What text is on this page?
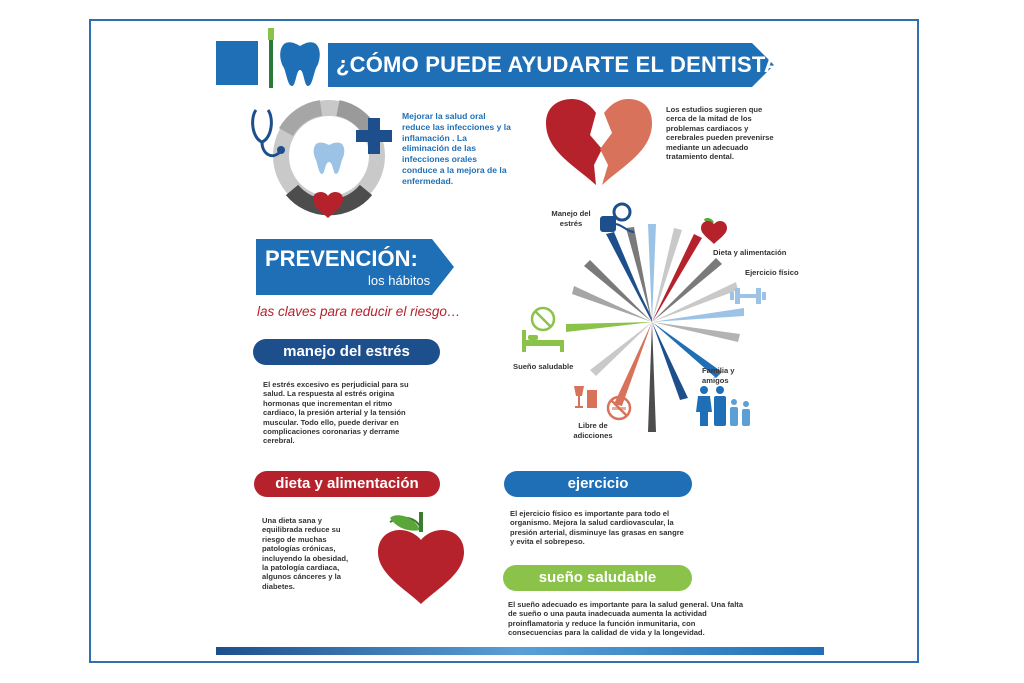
¿CÓMO PUEDE AYUDARTE EL DENTISTA?
Mejorar la salud oral reduce las infecciones y la inflamación . La eliminación de las infecciones orales conduce a la mejora de la enfermedad.
Los estudios sugieren que cerca de la mitad de los problemas cardiacos y cerebrales pueden prevenirse mediante un adecuado tratamiento dental.
PREVENCIÓN:
los hábitos
las claves para reducir el riesgo…
manejo del estrés
El estrés excesivo es perjudicial para su salud. La respuesta al estrés origina hormonas que incrementan el ritmo cardiaco, la presión arterial y la tensión muscular. Todo ello, puede derivar en complicaciones coronarias y derrame cerebral.
dieta y alimentación
Una dieta sana y equilibrada reduce su riesgo de muchas patologías crónicas, incluyendo la obesidad, la patología cardiaca, algunos cánceres y la diabetes.
ejercicio
El ejercicio físico es importante para todo el organismo. Mejora la salud cardiovascular, la presión arterial, disminuye las grasas en sangre y evita el sobrepeso.
sueño saludable
El sueño adecuado es importante para la salud general. Una falta de sueño o una pauta inadecuada aumenta la actividad proinflamatoria y reduce la función inmunitaria, con consecuencias para la calidad de vida y la longevidad.
Manejo del estrés
Dieta y alimentación
Ejercicio físico
Familia y amigos
Libre de adicciones
Sueño saludable
